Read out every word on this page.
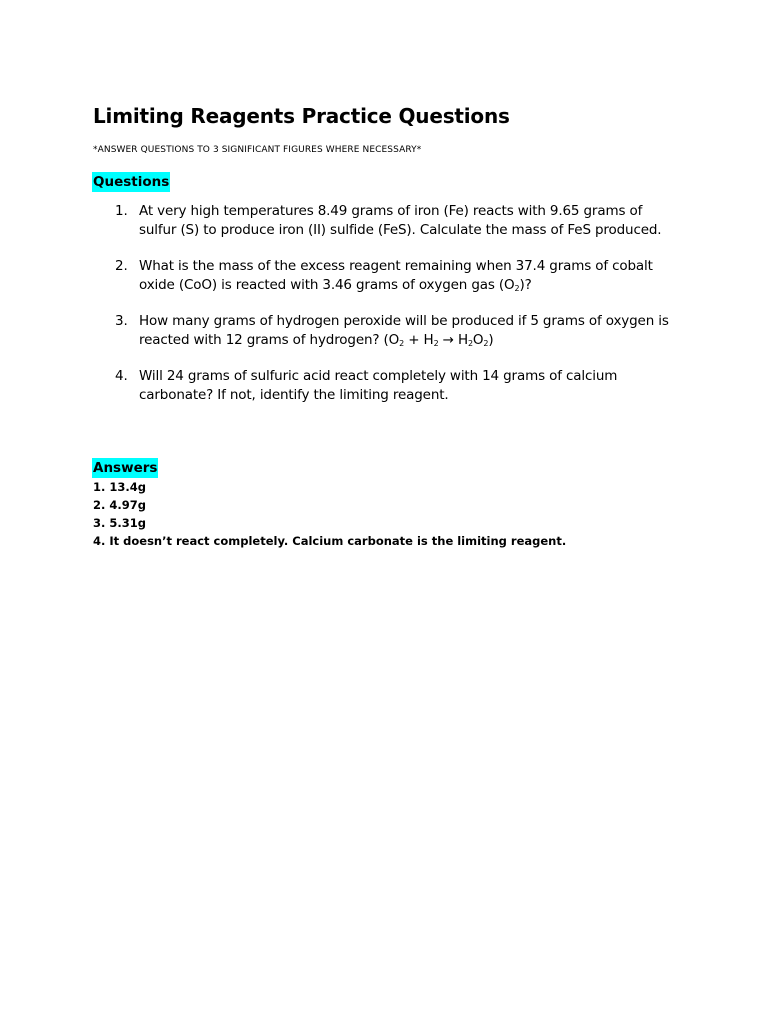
Limiting Reagents Practice Questions

*ANSWER QUESTIONS TO 3 SIGNIFICANT FIGURES WHERE NECESSARY*

Questions
1. At very high temperatures 8.49 grams of iron (Fe) reacts with 9.65 grams of sulfur (S) to produce iron (II) sulfide (FeS). Calculate the mass of FeS produced.
2. What is the mass of the excess reagent remaining when 37.4 grams of cobalt oxide (CoO) is reacted with 3.46 grams of oxygen gas $(O_2)$?
3. How many grams of hydrogen peroxide will be produced if 5 grams of oxygen is reacted with 12 grams of hydrogen? $(O_2 + H_2 \to H_2O_2)$
4. Will 24 grams of sulfuric acid react completely with 14 grams of calcium carbonate? If not, identify the limiting reagent.
Answers
1. 13.4g
2. 4.97g
3. 5.31g
4. It doesn’t react completely. Calcium carbonate is the limiting reagent.
